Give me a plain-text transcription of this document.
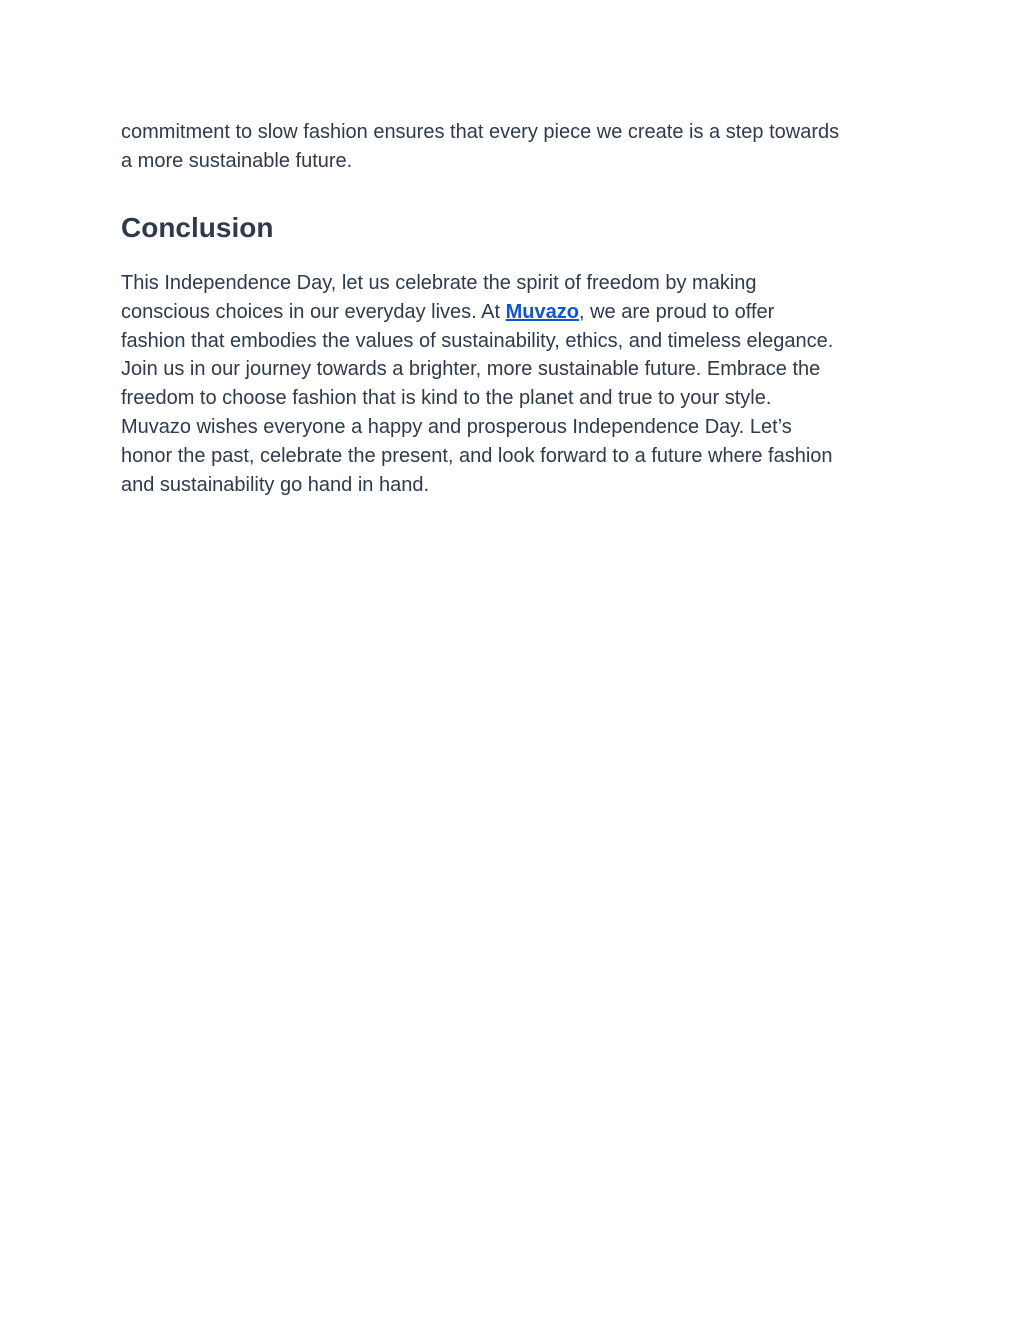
commitment to slow fashion ensures that every piece we create is a step towards
a more sustainable future.

Conclusion

This Independence Day, let us celebrate the spirit of freedom by making
conscious choices in our everyday lives. At Muvazo, we are proud to offer
fashion that embodies the values of sustainability, ethics, and timeless elegance.
Join us in our journey towards a brighter, more sustainable future. Embrace the
freedom to choose fashion that is kind to the planet and true to your style.
Muvazo wishes everyone a happy and prosperous Independence Day. Let’s
honor the past, celebrate the present, and look forward to a future where fashion
and sustainability go hand in hand.
